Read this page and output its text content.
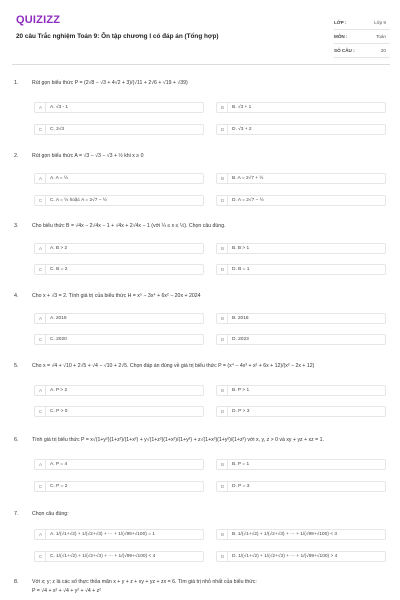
QUIZIZZ
20 câu Trắc nghiệm Toán 9: Ôn tập chương I có đáp án (Tổng hợp)
LỚP :	Lớp 9
MÔN :	Toán
SỐ CÂU :	20
1.	Rút gọn biểu thức P = (2√8 − √3 + 4√2 + 3)/(√11 + 2√6 + √19 + √39)
A	A. √3 - 1	B	B. √3 + 1
C	C. 2√3	D	D. √3 + 2
2.	Rút gọn biểu thức A = √3 − √3 − √3 + ½ khi x ≥ 0
A	A. A = ½	B	B. A = 2√7 + ½
C	C. A = ½ hoặc A = 2√7 − ½	D	D. A = 2√7 − ½
3.	Cho biểu thức B = √4x − 2√4x − 1 + √4x + 2√4x − 1 (với ¼ ≤ x ≤ ½). Chọn câu đúng.
A	A. B > 2	B	B. B > 1
C	C. B = 2	D	D. B = 1
4.	Cho x + √3 = 2. Tính giá trị của biểu thức H = x⁵ − 3x⁴ + 6x² − 20x + 2024
A	A. 2019	B	B. 2018
C	C. 2020	D	D. 2023
5.	Cho x = √4 + √10 + 2√5 + √4 − √10 + 2√5. Chọn đáp án đúng về giá trị biểu thức P = (x⁴ − 4x³ + x² + 6x + 12)/(x² − 2x + 12)
A	A. P > 2	B	B. P > 1
C	C. P > 0	D	D. P > 3
6.	Tính giá trị biểu thức P = x√(1+y²)(1+z²)/(1+x²) + y√(1+z²)(1+x²)/(1+y²) + z√(1+x²)(1+y²)/(1+z²) với x, y, z > 0 và xy + yz + xz = 1.
A	A. P = 4	B	B. P = 1
C	C. P = 2	D	D. P = 3
7.	Chọn câu đúng:
A	A. 1/(√1+√2) + 1/(√2+√3) + ⋯ + 1/(√99+√100) = 1	B	B. 1/(√1+√2) + 1/(√2+√3) + ⋯ + 1/(√99+√100) < 3
C	C. 1/(√1+√2) + 1/(√2+√3) + ⋯ + 1/(√99+√100) < 4	D	D. 1/(√1+√2) + 1/(√2+√3) + ⋯ + 1/(√99+√100) > 4
8.	Với x; y; z là các số thực thỏa mãn x + y + z + xy + yz + zx = 6. Tìm giá trị nhỏ nhất của biểu thức:
P = √4 + x² + √4 + y² + √4 + z²
